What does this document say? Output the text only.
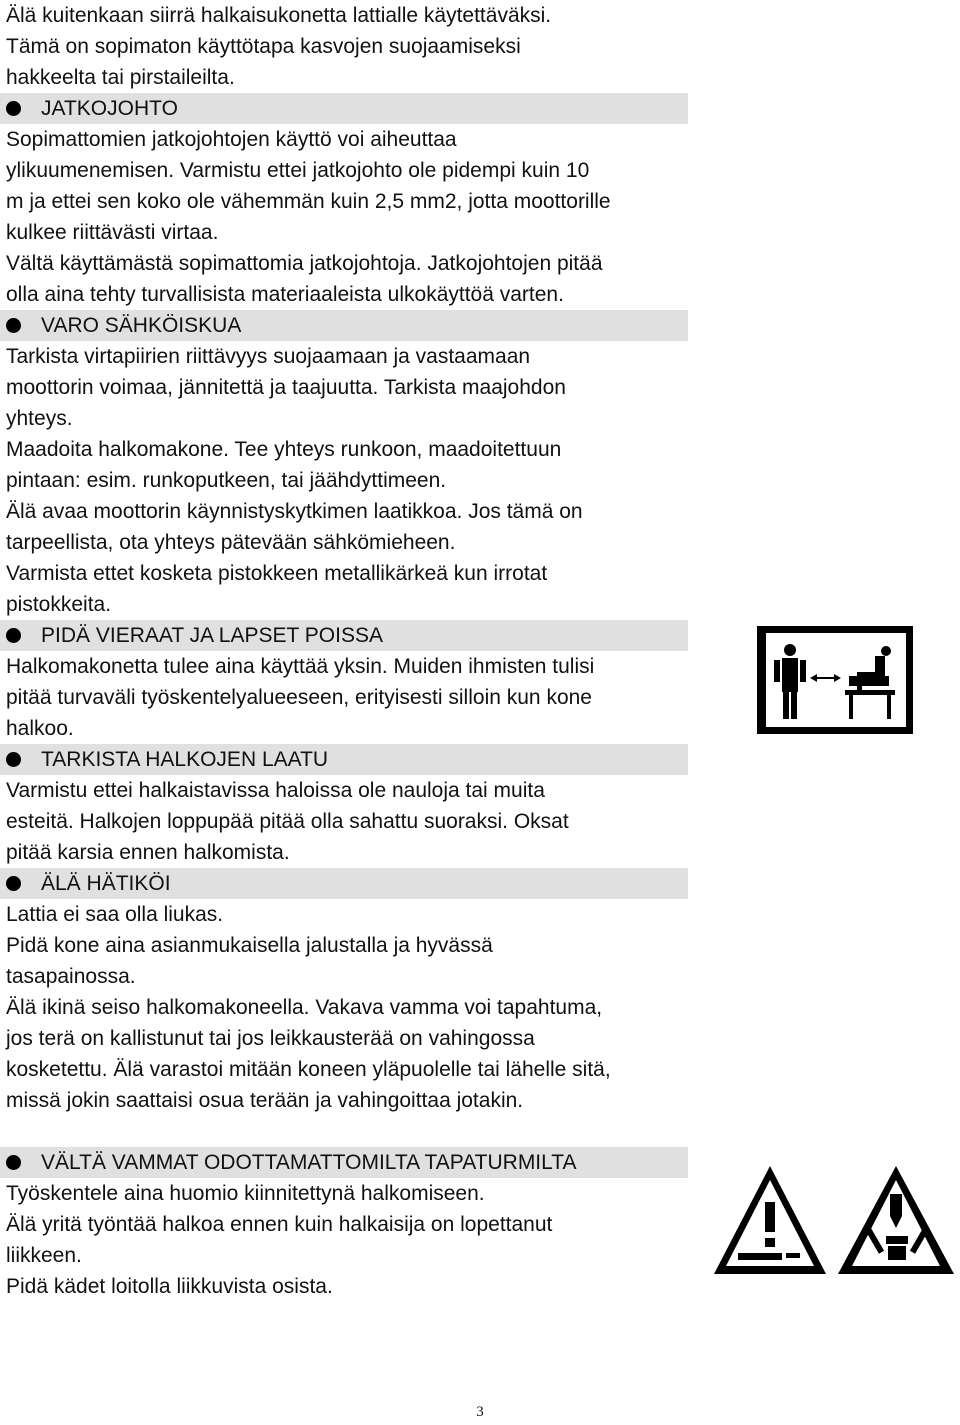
Älä kuitenkaan siirrä halkaisukonetta lattialle käytettäväksi.

Tämä on sopimaton käyttötapa kasvojen suojaamiseksi

hakkeelta tai pirstaileilta.

JATKOJOHTO

Sopimattomien jatkojohtojen käyttö voi aiheuttaa

ylikuumenemisen. Varmistu ettei jatkojohto ole pidempi kuin 10

m ja ettei sen koko ole vähemmän kuin 2,5 mm2, jotta moottorille

kulkee riittävästi virtaa.

Vältä käyttämästä sopimattomia jatkojohtoja. Jatkojohtojen pitää

olla aina tehty turvallisista materiaaleista ulkokäyttöä varten.

VARO SÄHKÖISKUA

Tarkista virtapiirien riittävyys suojaamaan ja vastaamaan

moottorin voimaa, jännitettä ja taajuutta. Tarkista maajohdon

yhteys.

Maadoita halkomakone. Tee yhteys runkoon, maadoitettuun

pintaan: esim. runkoputkeen, tai jäähdyttimeen.

Älä avaa moottorin käynnistyskytkimen laatikkoa. Jos tämä on

tarpeellista, ota yhteys pätevään sähkömieheen.

Varmista ettet kosketa pistokkeen metallikärkeä kun irrotat

pistokkeita.

PIDÄ VIERAAT JA LAPSET POISSA

Halkomakonetta tulee aina käyttää yksin. Muiden ihmisten tulisi

pitää turvaväli työskentelyalueeseen, erityisesti silloin kun kone

halkoo.

TARKISTA HALKOJEN LAATU

Varmistu ettei halkaistavissa haloissa ole nauloja tai muita

esteitä. Halkojen loppupää pitää olla sahattu suoraksi. Oksat

pitää karsia ennen halkomista.

ÄLÄ HÄTIKÖI

Lattia ei saa olla liukas.

Pidä kone aina asianmukaisella jalustalla ja hyvässä

tasapainossa.

Älä ikinä seiso halkomakoneella. Vakava vamma voi tapahtuma,

jos terä on kallistunut tai jos leikkausterää on vahingossa

kosketettu. Älä varastoi mitään koneen yläpuolelle tai lähelle sitä,

missä jokin saattaisi osua terään ja vahingoittaa jotakin.

VÄLTÄ VAMMAT ODOTTAMATTOMILTA TAPATURMILTA

Työskentele aina huomio kiinnitettynä halkomiseen.

Älä yritä työntää halkoa ennen kuin halkaisija on lopettanut

liikkeen.

Pidä kädet loitolla liikkuvista osista.

3
